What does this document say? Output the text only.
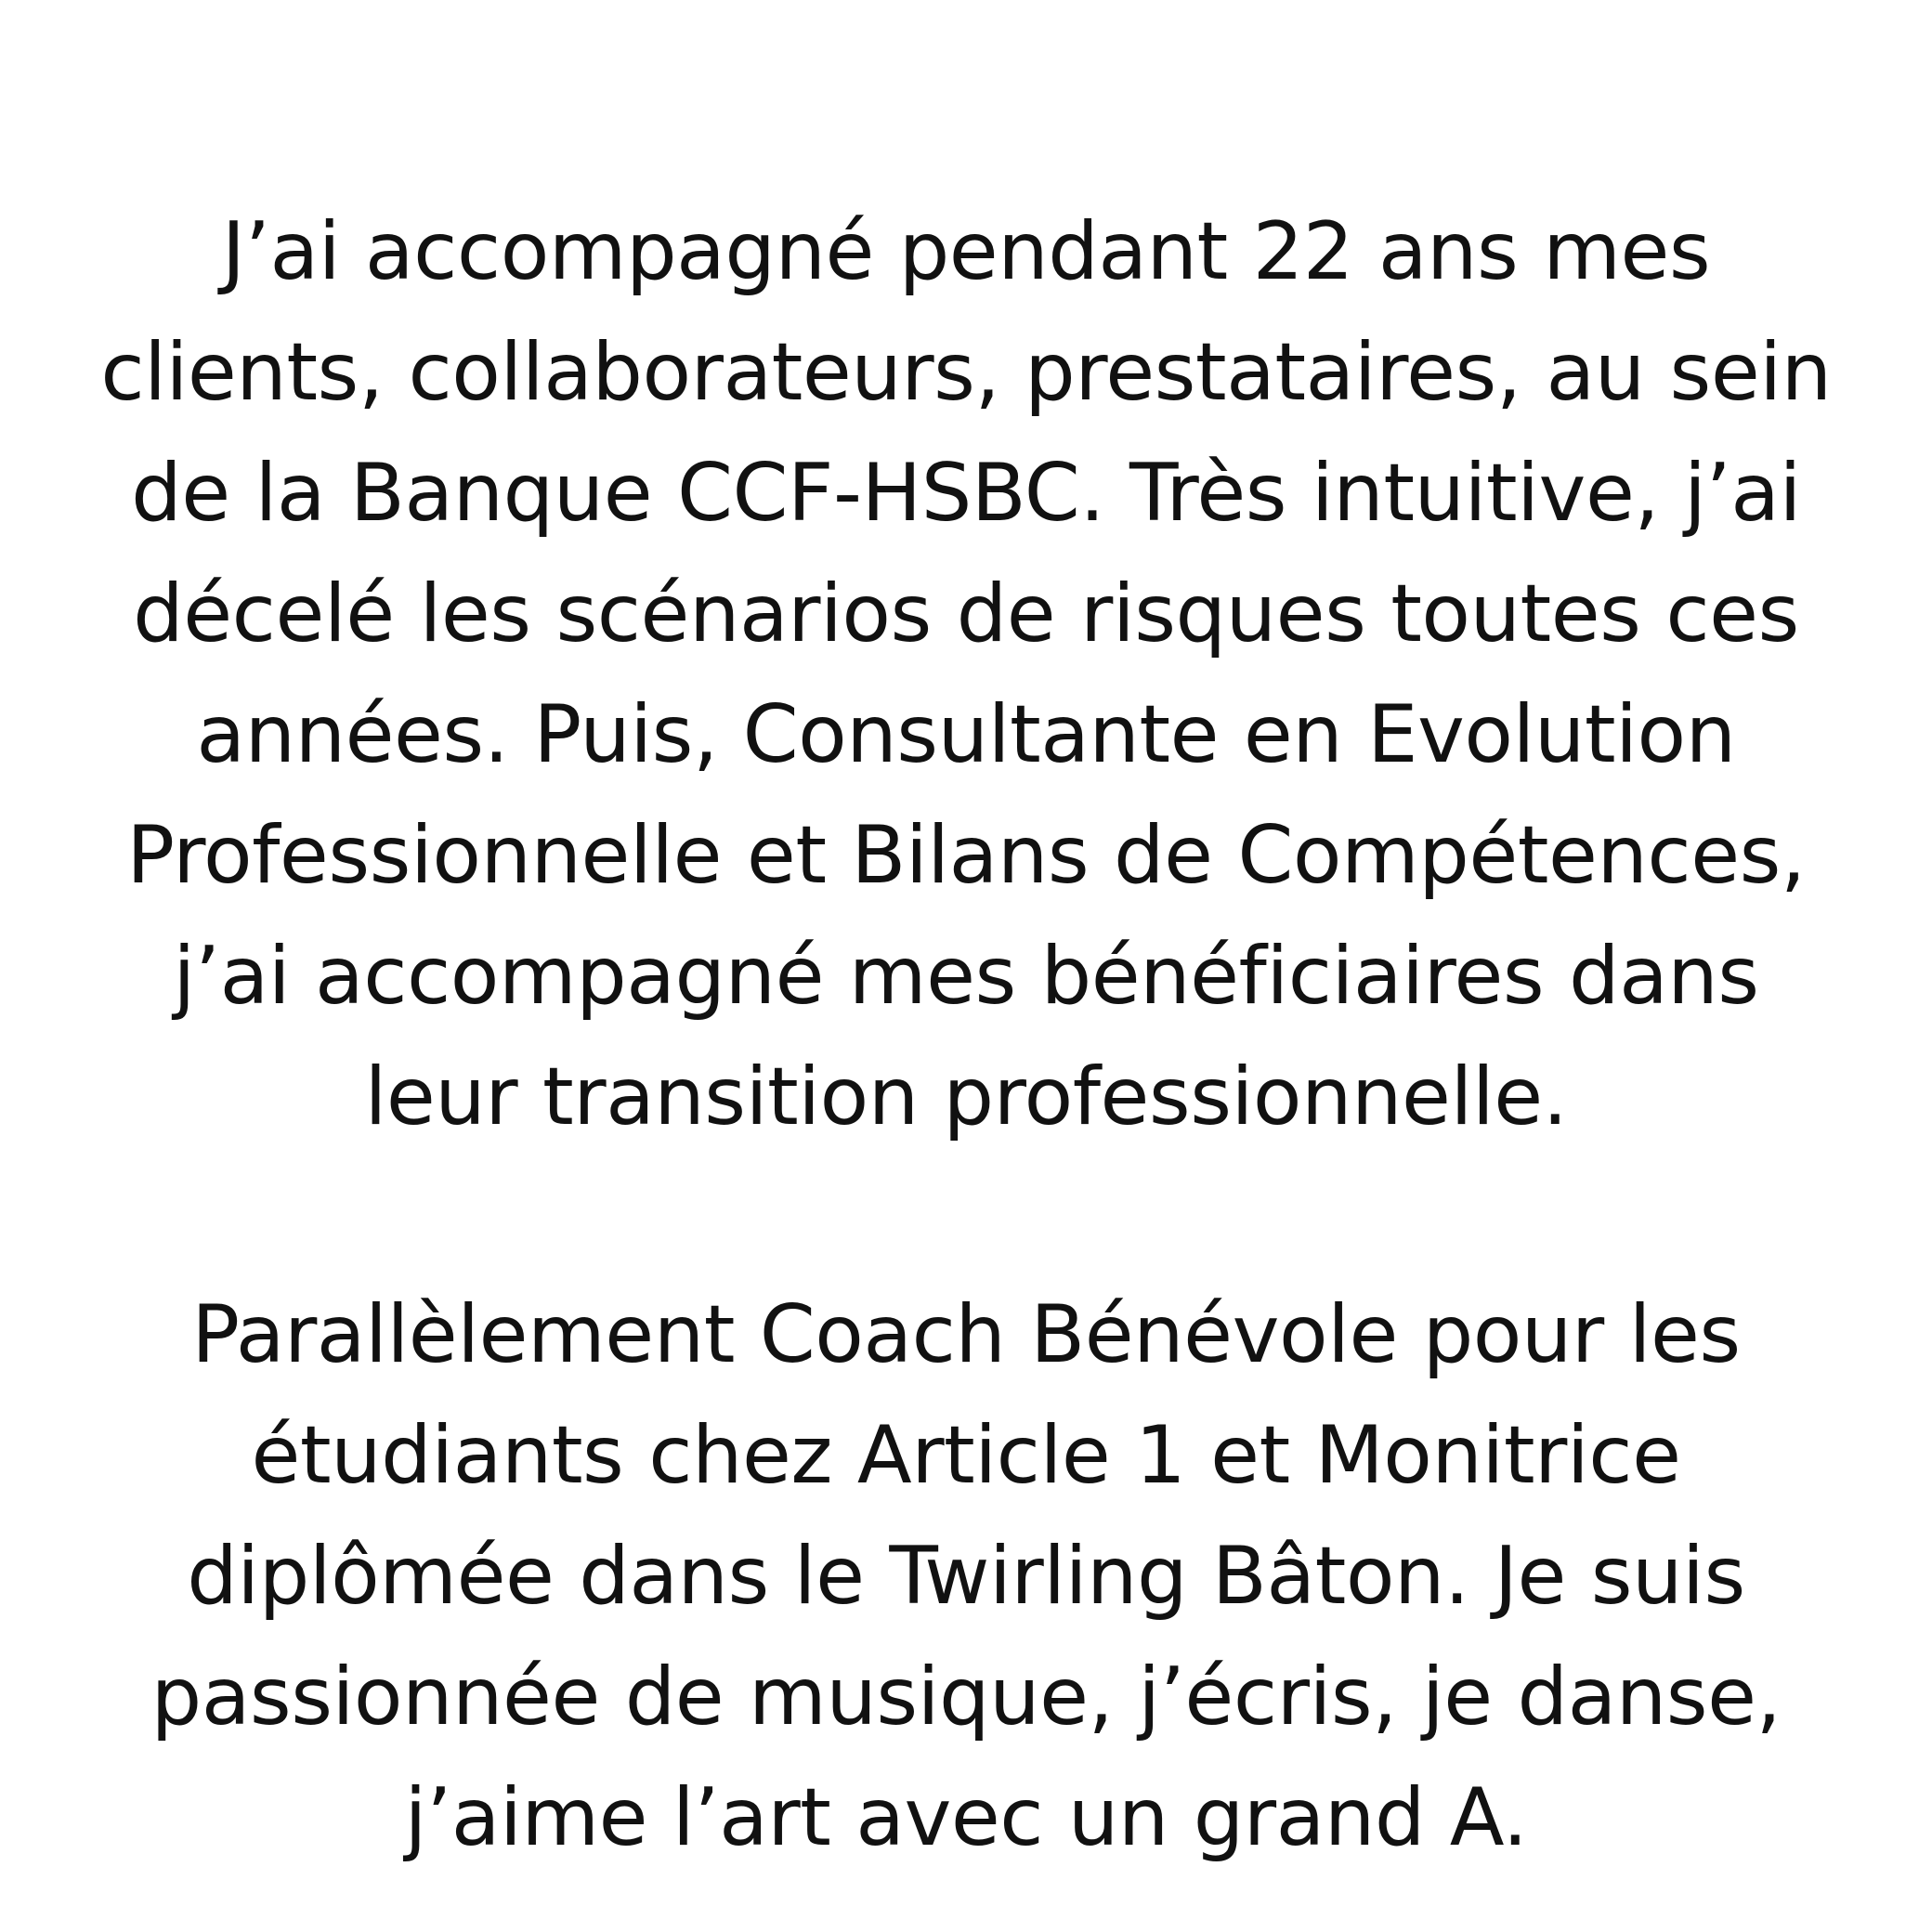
J’ai accompagné pendant 22 ans mes
clients, collaborateurs, prestataires, au sein
de la Banque CCF-HSBC. Très intuitive, j’ai
décelé les scénarios de risques toutes ces
années. Puis, Consultante en Evolution
Professionnelle et Bilans de Compétences,
j’ai accompagné mes bénéficiaires dans
leur transition professionnelle.
Parallèlement Coach Bénévole pour les
étudiants chez Article 1 et Monitrice
diplômée dans le Twirling Bâton. Je suis
passionnée de musique, j’écris, je danse,
j’aime l’art avec un grand A.
